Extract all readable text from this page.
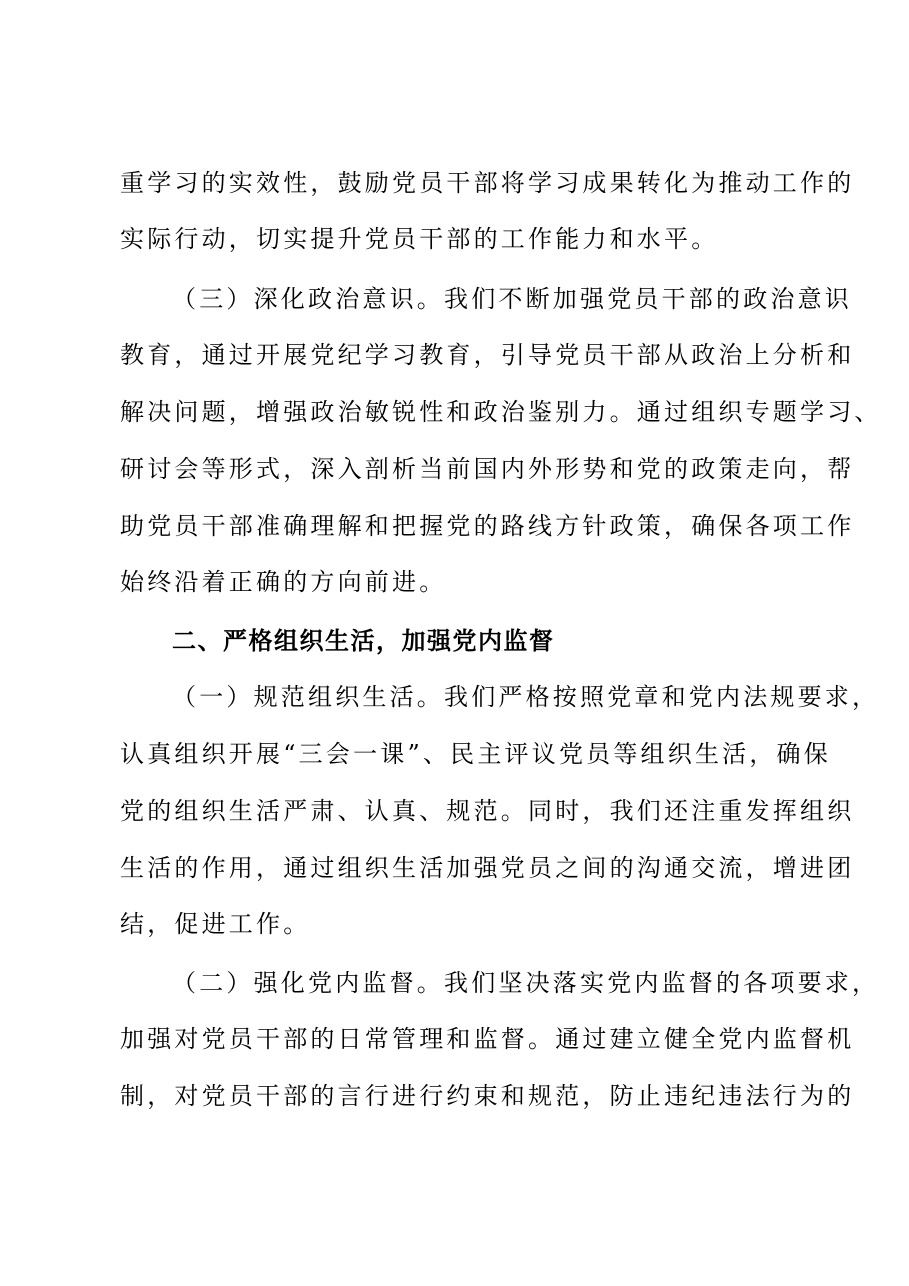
重学习的实效性，鼓励党员干部将学习成果转化为推动工作的
实际行动，切实提升党员干部的工作能力和水平。
（三）深化政治意识。我们不断加强党员干部的政治意识
教育，通过开展党纪学习教育，引导党员干部从政治上分析和
解决问题，增强政治敏锐性和政治鉴别力。通过组织专题学习、
研讨会等形式，深入剖析当前国内外形势和党的政策走向，帮
助党员干部准确理解和把握党的路线方针政策，确保各项工作
始终沿着正确的方向前进。
二、严格组织生活，加强党内监督
（一）规范组织生活。我们严格按照党章和党内法规要求，
认真组织开展“三会一课”、民主评议党员等组织生活，确保
党的组织生活严肃、认真、规范。同时，我们还注重发挥组织
生活的作用，通过组织生活加强党员之间的沟通交流，增进团
结，促进工作。
（二）强化党内监督。我们坚决落实党内监督的各项要求，
加强对党员干部的日常管理和监督。通过建立健全党内监督机
制，对党员干部的言行进行约束和规范，防止违纪违法行为的
